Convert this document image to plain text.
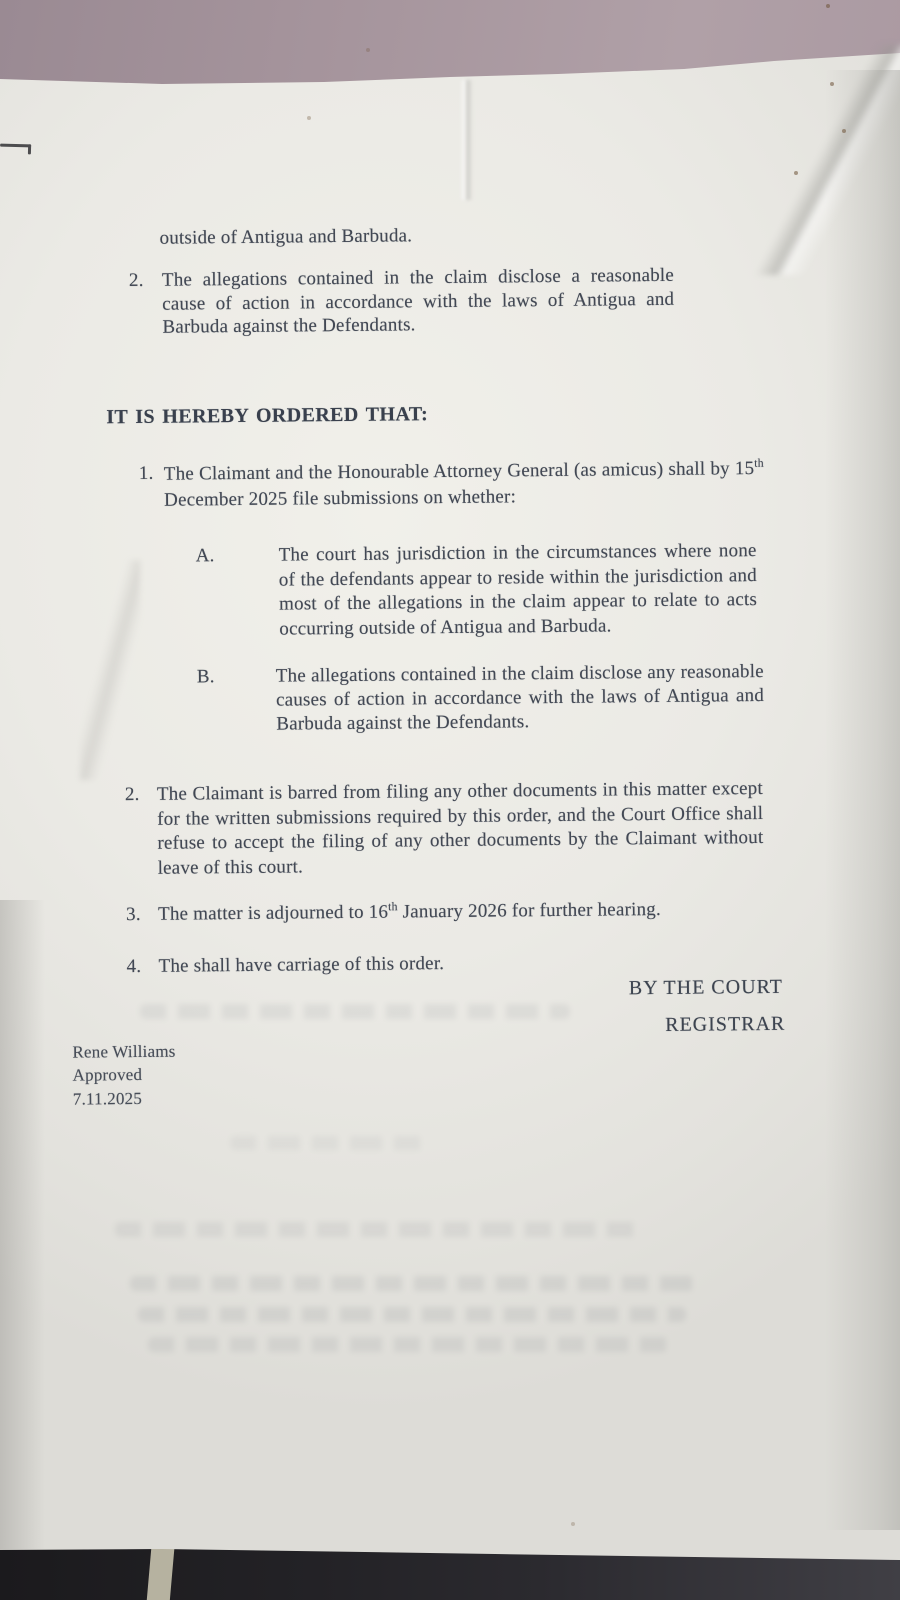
outside of Antigua and Barbuda.
2. The allegations contained in the claim disclose a reasonable cause of action in accordance with the laws of Antigua and Barbuda against the Defendants.
IT IS HEREBY ORDERED THAT:
1. The Claimant and the Honourable Attorney General (as amicus) shall by 15th December 2025 file submissions on whether:
A.	The court has jurisdiction in the circumstances where none of the defendants appear to reside within the jurisdiction and most of the allegations in the claim appear to relate to acts occurring outside of Antigua and Barbuda.
B.	The allegations contained in the claim disclose any reasonable causes of action in accordance with the laws of Antigua and Barbuda against the Defendants.
2. The Claimant is barred from filing any other documents in this matter except for the written submissions required by this order, and the Court Office shall refuse to accept the filing of any other documents by the Claimant without leave of this court.
3. The matter is adjourned to 16th January 2026 for further hearing.
4. The shall have carriage of this order.
BY THE COURT
REGISTRAR
Rene Williams
Approved
7.11.2025
